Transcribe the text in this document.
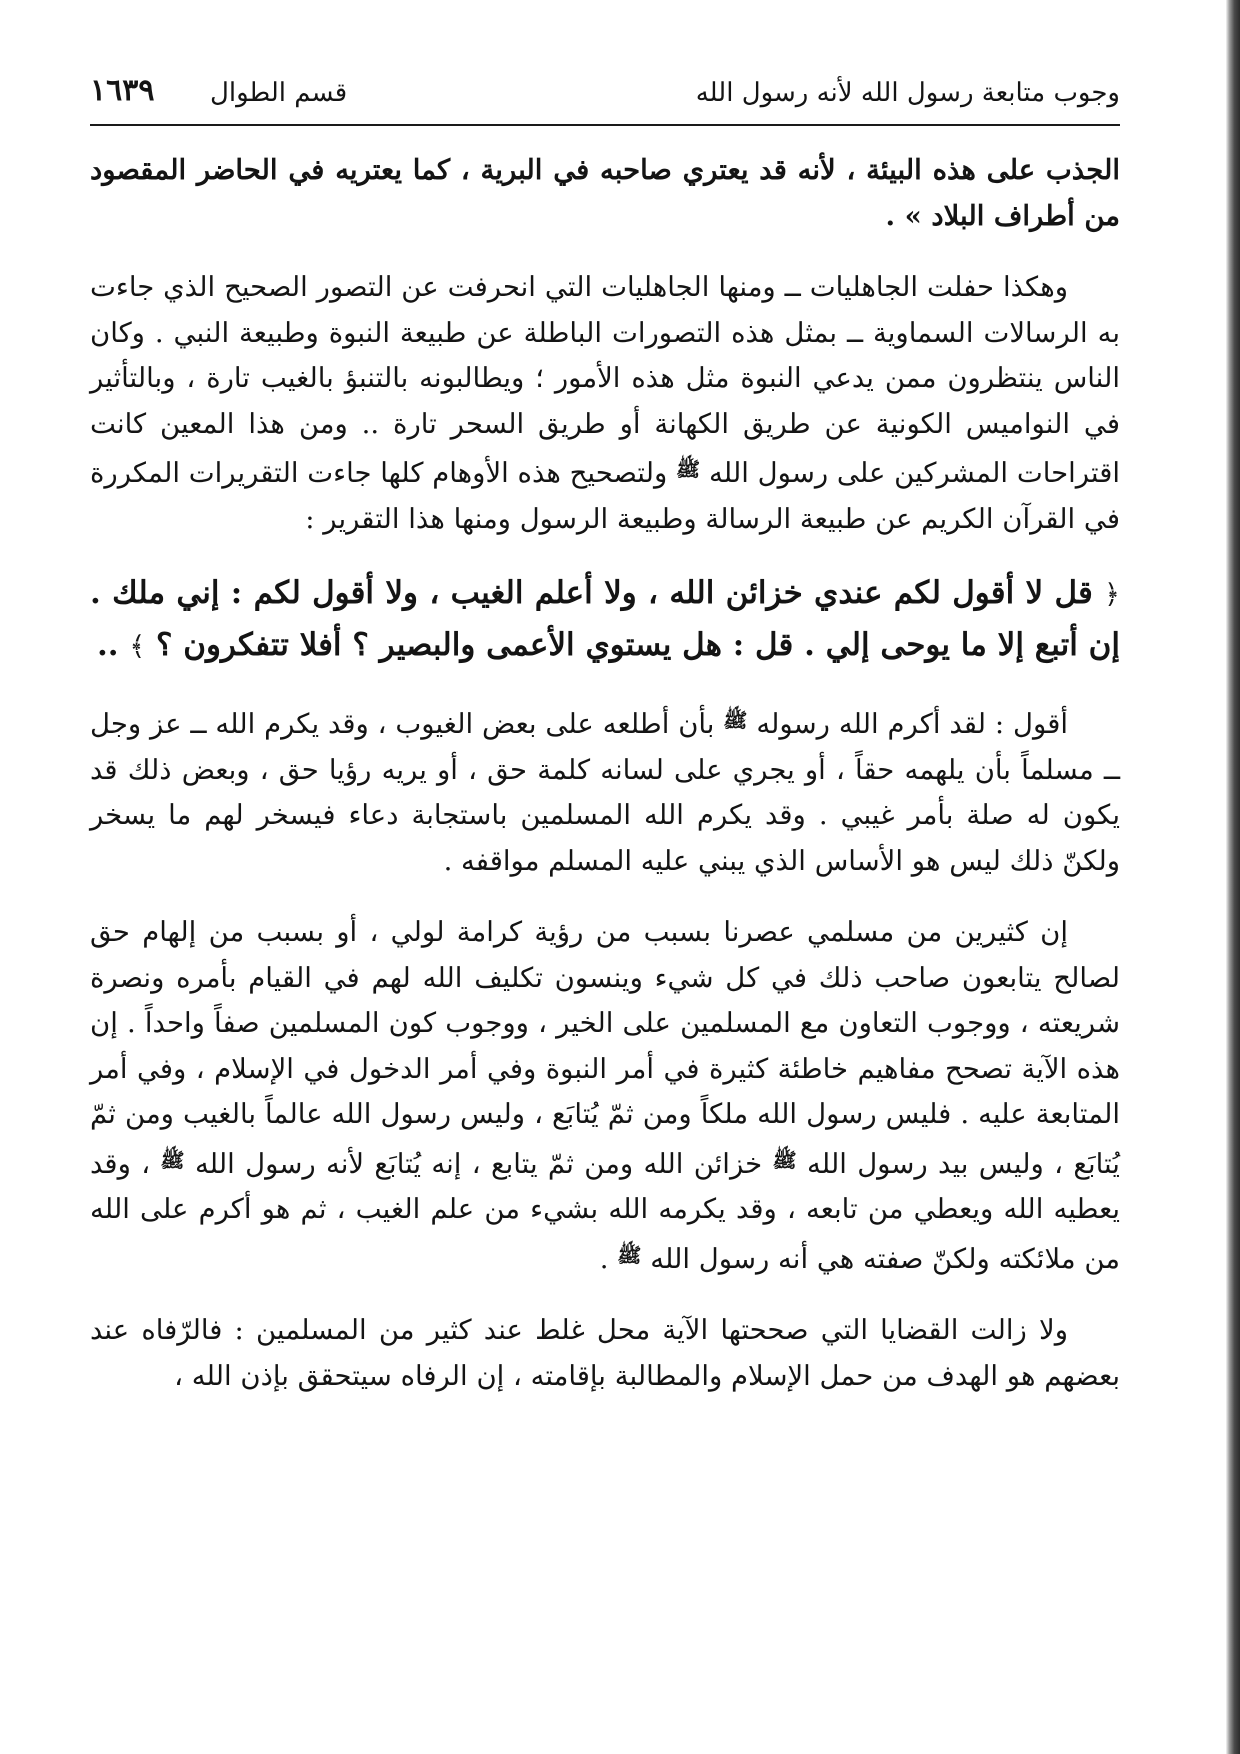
وجوب متابعة رسول الله لأنه رسول الله
قسم الطوال
١٦٣٩

الجذب على هذه البيئة ، لأنه قد يعتري صاحبه في البرية ، كما يعتريه في الحاضر المقصود من أطراف البلاد » .

وهكذا حفلت الجاهليات ــ ومنها الجاهليات التي انحرفت عن التصور الصحيح الذي جاءت به الرسالات السماوية ــ بمثل هذه التصورات الباطلة عن طبيعة النبوة وطبيعة النبي . وكان الناس ينتظرون ممن يدعي النبوة مثل هذه الأمور ؛ ويطالبونه بالتنبؤ بالغيب تارة ، وبالتأثير في النواميس الكونية عن طريق الكهانة أو طريق السحر تارة .. ومن هذا المعين كانت اقتراحات المشركين على رسول الله $^ﷺ$ ولتصحيح هذه الأوهام كلها جاءت التقريرات المكررة في القرآن الكريم عن طبيعة الرسالة وطبيعة الرسول ومنها هذا التقرير :

﴿ قل لا أقول لكم عندي خزائن الله ، ولا أعلم الغيب ، ولا أقول لكم : إني ملك . إن أتبع إلا ما يوحى إلي . قل : هل يستوي الأعمى والبصير ؟ أفلا تتفكرون ؟ ﴾ ..

أقول : لقد أكرم الله رسوله $^ﷺ$ بأن أطلعه على بعض الغيوب ، وقد يكرم الله ــ عز وجل ــ مسلماً بأن يلهمه حقاً ، أو يجري على لسانه كلمة حق ، أو يريه رؤيا حق ، وبعض ذلك قد يكون له صلة بأمر غيبي . وقد يكرم الله المسلمين باستجابة دعاء فيسخر لهم ما يسخر ولكنّ ذلك ليس هو الأساس الذي يبني عليه المسلم مواقفه .

إن كثيرين من مسلمي عصرنا بسبب من رؤية كرامة لولي ، أو بسبب من إلهام حق لصالح يتابعون صاحب ذلك في كل شيء وينسون تكليف الله لهم في القيام بأمره ونصرة شريعته ، ووجوب التعاون مع المسلمين على الخير ، ووجوب كون المسلمين صفاً واحداً . إن هذه الآية تصحح مفاهيم خاطئة كثيرة في أمر النبوة وفي أمر الدخول في الإسلام ، وفي أمر المتابعة عليه . فليس رسول الله ملكاً ومن ثمّ يُتابَع ، وليس رسول الله عالماً بالغيب ومن ثمّ يُتابَع ، وليس بيد رسول الله $^ﷺ$ خزائن الله ومن ثمّ يتابع ، إنه يُتابَع لأنه رسول الله $^ﷺ$ ، وقد يعطيه الله ويعطي من تابعه ، وقد يكرمه الله بشيء من علم الغيب ، ثم هو أكرم على الله من ملائكته ولكنّ صفته هي أنه رسول الله $^ﷺ$ .

ولا زالت القضايا التي صححتها الآية محل غلط عند كثير من المسلمين : فالرّفاه عند بعضهم هو الهدف من حمل الإسلام والمطالبة بإقامته ، إن الرفاه سيتحقق بإذن الله ،
